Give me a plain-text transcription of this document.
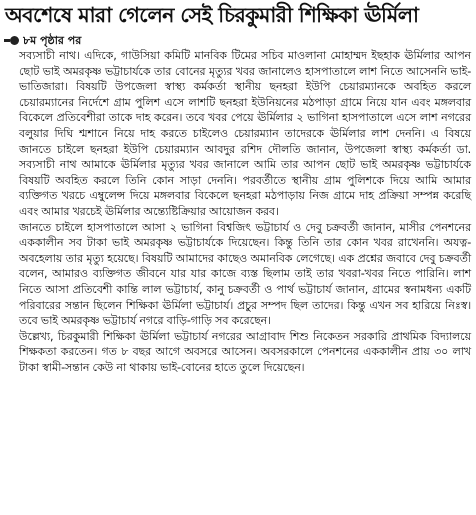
অবশেষে মারা গেলেন সেই চিরকুমারী শিক্ষিকা ঊর্মিলা
৮ম পৃষ্ঠার পর

সব্যসাচী নাথ। এদিকে, গাউসিয়া কমিটি মানবিক টিমের সচিব মাওলানা মোহাম্মদ ইছহাক ঊর্মিলার আপন ছোট ভাই অমরকৃষ্ণ ভট্টাচার্যকে তার বোনের মৃত্যুর খবর জানালেও হাসপাতালে লাশ নিতে আসেননি ভাই-ভাতিজারা। বিষয়টি উপজেলা স্বাস্থ্য কর্মকর্তা স্থানীয় ছনহরা ইউপি চেয়ারম্যানকে অবহিত করলে চেয়ারম্যানের নির্দেশে গ্রাম পুলিশ এসে লাশটি ছনহরা ইউনিয়নের মঠপাড়া গ্রামে নিয়ে যান এবং মঙ্গলবার বিকেলে প্রতিবেশীরা তাকে দাহ করেন। তবে খবর পেয়ে ঊর্মিলার ২ ভাগিনা হাসপাতালে এসে লাশ নগরের বলুয়ার দিঘি শ্মশানে নিয়ে দাহ করতে চাইলেও চেয়ারম্যান তাদেরকে ঊর্মিলার লাশ দেননি। এ বিষয়ে জানতে চাইলে ছনহরা ইউপি চেয়ারম্যান আবদুর রশিদ দৌলতি জানান, উপজেলা স্বাস্থ্য কর্মকর্তা ডা. সব্যসাচী নাথ আমাকে ঊর্মিলার মৃত্যুর খবর জানালে আমি তার আপন ছোট ভাই অমরকৃষ্ণ ভট্টাচার্যকে বিষয়টি অবহিত করলে তিনি কোন সাড়া দেননি। পরবর্তীতে স্থানীয় গ্রাম পুলিশকে দিয়ে আমি আমার ব্যক্তিগত খরচে এম্বুলেন্স দিয়ে মঙ্গলবার বিকেলে ছনহরা মঠপাড়ায় নিজ গ্রামে দাহ প্রক্রিয়া সম্পন্ন করেছি এবং আমার খরচেই ঊর্মিলার অন্ত্যেষ্টিক্রিয়ার আয়োজন করব।

জানতে চাইলে হাসপাতালে আসা ২ ভাগিনা বিশ্বজিৎ ভট্টাচার্য ও দেবু চক্রবর্তী জানান, মাসীর পেনশনের এককালীন সব টাকা ভাই অমরকৃষ্ণ ভট্টাচার্যকে দিয়েছেন। কিন্তু তিনি তার কোন খবর রাখেননি। অযত্ন-অবহেলায় তার মৃত্যু হয়েছে। বিষয়টি আমাদের কাছেও অমানবিক লেগেছে। এক প্রশ্নের জবাবে দেবু চক্রবর্তী বলেন, আমারও ব্যক্তিগত জীবনে যার যার কাজে ব্যস্ত ছিলাম তাই তার খবরা-খবর নিতে পারিনি। লাশ নিতে আসা প্রতিবেশী কান্তি লাল ভট্টাচার্য, কানু চক্রবর্তী ও পার্থ ভট্টাচার্য জানান, গ্রামের স্বনামধন্য একটি পরিবারের সন্তান ছিলেন শিক্ষিকা ঊর্মিলা ভট্টাচার্য। প্রচুর সম্পদ ছিল তাদের। কিন্তু এখন সব হারিয়ে নিঃস্ব। তবে ভাই অমরকৃষ্ণ ভট্টাচার্য নগরে বাড়ি-গাড়ি সব করেছেন।

উল্লেখ্য, চিরকুমারী শিক্ষিকা ঊর্মিলা ভট্টাচার্য নগরের আগ্রাবাদ শিশু নিকেতন সরকারি প্রাথমিক বিদ্যালয়ে শিক্ষকতা করতেন। গত ৮ বছর আগে অবসরে আসেন। অবসরকালে পেনশনের এককালীন প্রায় ৩০ লাখ টাকা স্বামী-সন্তান কেউ না থাকায় ভাই-বোনের হাতে তুলে দিয়েছেন।
